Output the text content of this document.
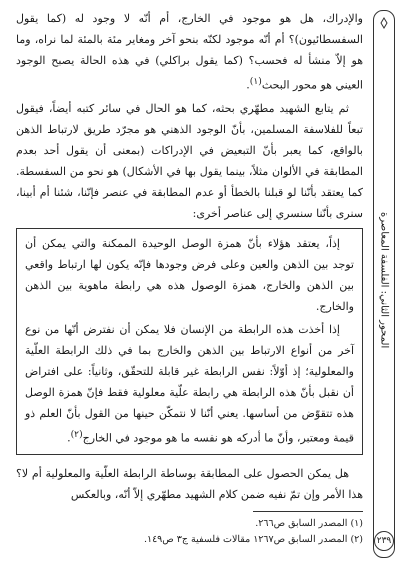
المحور الثاني: الفلسفة المعاصرة
٢٣٩

والإدراك، هل هو موجود في الخارج، أم أنّه لا وجود له (كما يقول السفسطائيون)؟ أم أنّه موجود لكنّه بنحو آخر ومغاير مئة بالمئة لما نراه، وما هو إلاّ منشأ له فحسب؟ (كما يقول براكلي) في هذه الحالة يصبح الوجود العيني هو محور البحث$^{(١)}$.

ثم يتابع الشهيد مطهّري بحثه، كما هو الحال في سائر كتبه أيضاً، فيقول تبعاً للفلاسفة المسلمين، بأنّ الوجود الذهني هو مجرّد طريق لارتباط الذهن بالواقع، كما يعبر بأنّ التبعيض في الإدراكات (بمعنى أن يقول أحد بعدم المطابقة في الألوان مثلاً، بينما يقول بها في الأشكال) هو نحو من السفسطة. كما يعتقد بأنّنا لو قبلنا بالخطأ أو عدم المطابقة في عنصر فإنّنا، شئنا أم أبينا، سنرى بأنّنا سنسري إلى عناصر أخرى:

إذاً، يعتقد هؤلاء بأنّ همزة الوصل الوحيدة الممكنة والتي يمكن أن توجد بين الذهن والعين وعلى فرض وجودها فإنّه يكون لها ارتباط واقعي بين الذهن والخارج، همزة الوصول هذه هي رابطة ماهوية بين الذهن والخارج.

إذا أخذت هذه الرابطة من الإنسان فلا يمكن أن نفترض أنّها من نوع آخر من أنواع الارتباط بين الذهن والخارج بما في ذلك الرابطة العلّية والمعلولية؛ إذ أوّلاً: نفس الرابطة غير قابلة للتحقّق، وثانياً: على افتراض أن نقبل بأنّ هذه الرابطة هي رابطة علّية معلولية فقط فإنّ همزة الوصل هذه تتقوّض من أساسها. يعني أنّنا لا نتمكّن حينها من القول بأنّ العلم ذو قيمة ومعتبر، وأنّ ما أدركه هو نفسه ما هو موجود في الخارج$^{(٢)}$.

هل يمكن الحصول على المطابقة بوساطة الرابطة العلّية والمعلولية أم لا؟ هذا الأمر وإن تمّ نفيه ضمن كلام الشهيد مطهّري إلاّ أنّه، وبالعكس

(١) المصدر السابق ص٢٦٦.
(٢) المصدر السابق ص١٢٦٧ مقالات فلسفية ج٣ ص١٤٩.
